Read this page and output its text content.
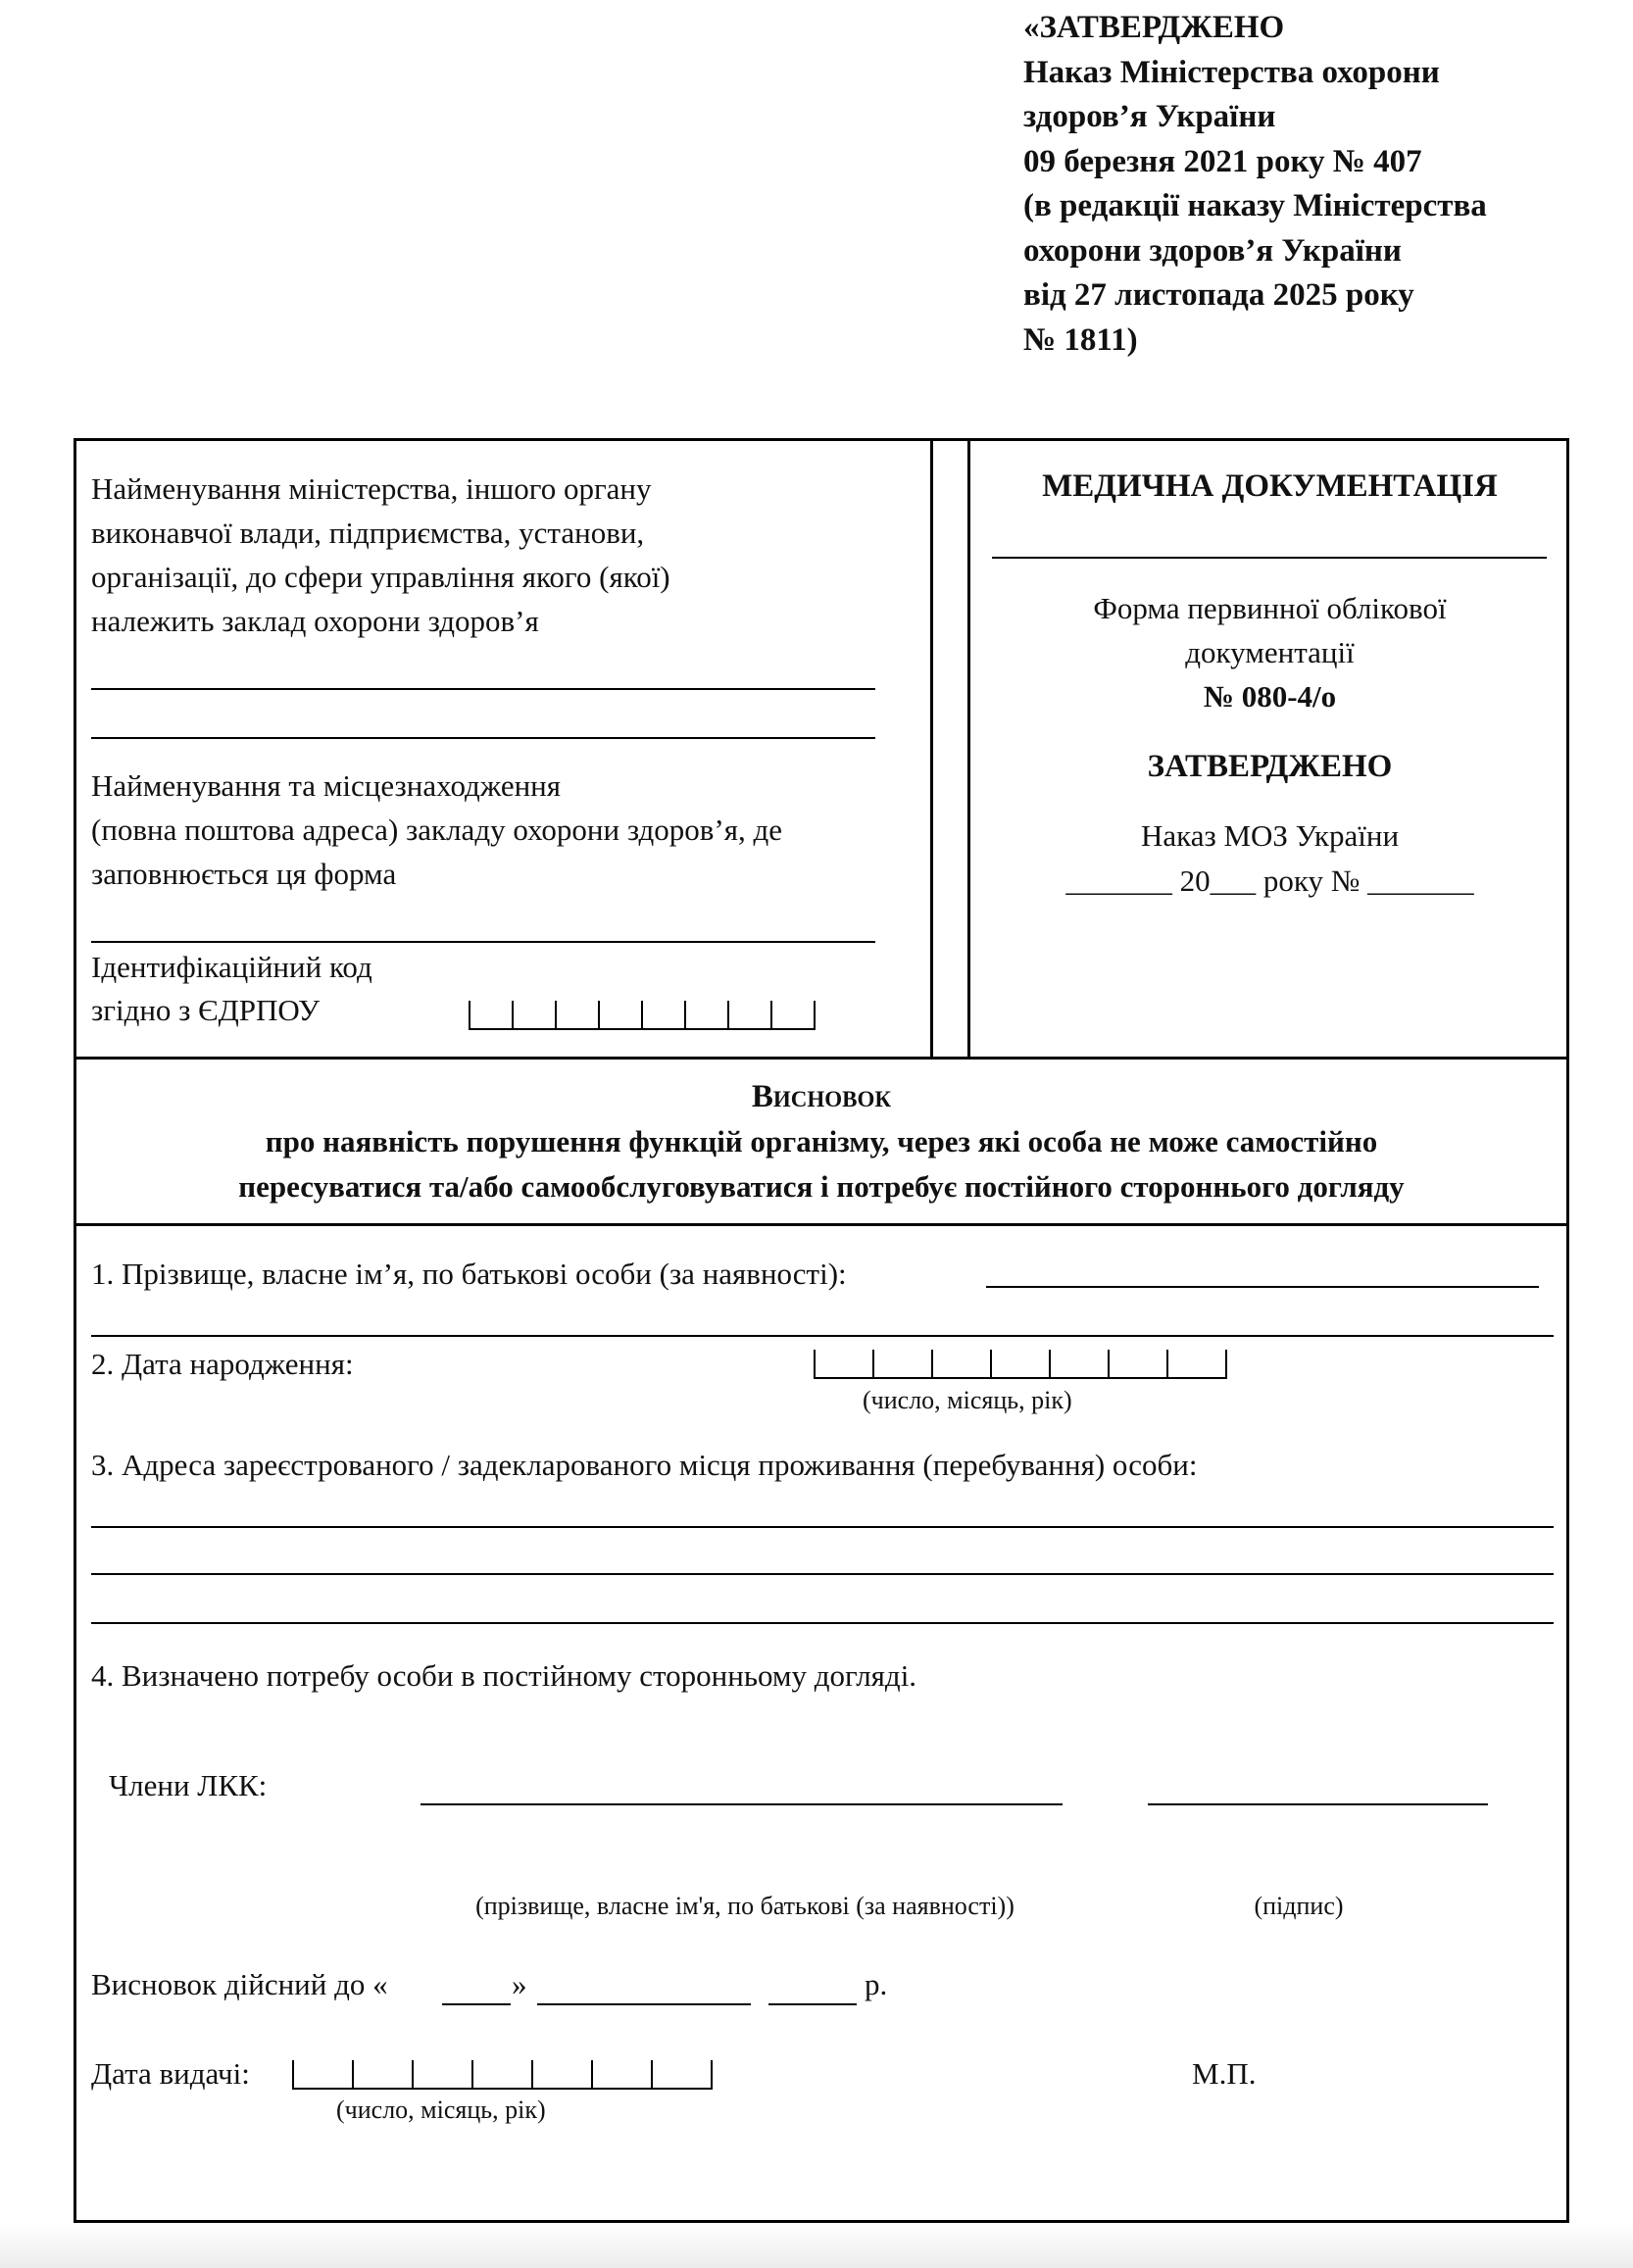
«ЗАТВЕРДЖЕНО
Наказ Міністерства охорони
здоров’я України
09 березня 2021 року № 407
(в редакції наказу Міністерства
охорони здоров’я України
від 27 листопада 2025 року
№ 1811)
Найменування міністерства, іншого органу
виконавчої влади, підприємства, установи,
організації, до сфери управління якого (якої)
належить заклад охорони здоров’я
Найменування та місцезнаходження
(повна поштова адреса) закладу охорони здоров’я, де
заповнюється ця форма
Ідентифікаційний код
згідно з ЄДРПОУ
МЕДИЧНА ДОКУМЕНТАЦІЯ
Форма первинної облікової
документації
№ 080-4/о
ЗАТВЕРДЖЕНО
Наказ МОЗ України
_______ 20___ року № _______
Висновок
про наявність порушення функцій організму, через які особа не може самостійно
пересуватися та/або самообслуговуватися і потребує постійного стороннього догляду
1. Прізвище, власне ім’я, по батькові особи (за наявності):
2. Дата народження:
(число, місяць, рік)
3. Адреса зареєстрованого / задекларованого місця проживання (перебування) особи:
4. Визначено потребу особи в постійному сторонньому догляді.
Члени ЛКК:
(прізвище, власне ім'я, по батькові (за наявності))	(підпис)
Висновок дійсний до «	»	р.
Дата видачі:
(число, місяць, рік)
М.П.
